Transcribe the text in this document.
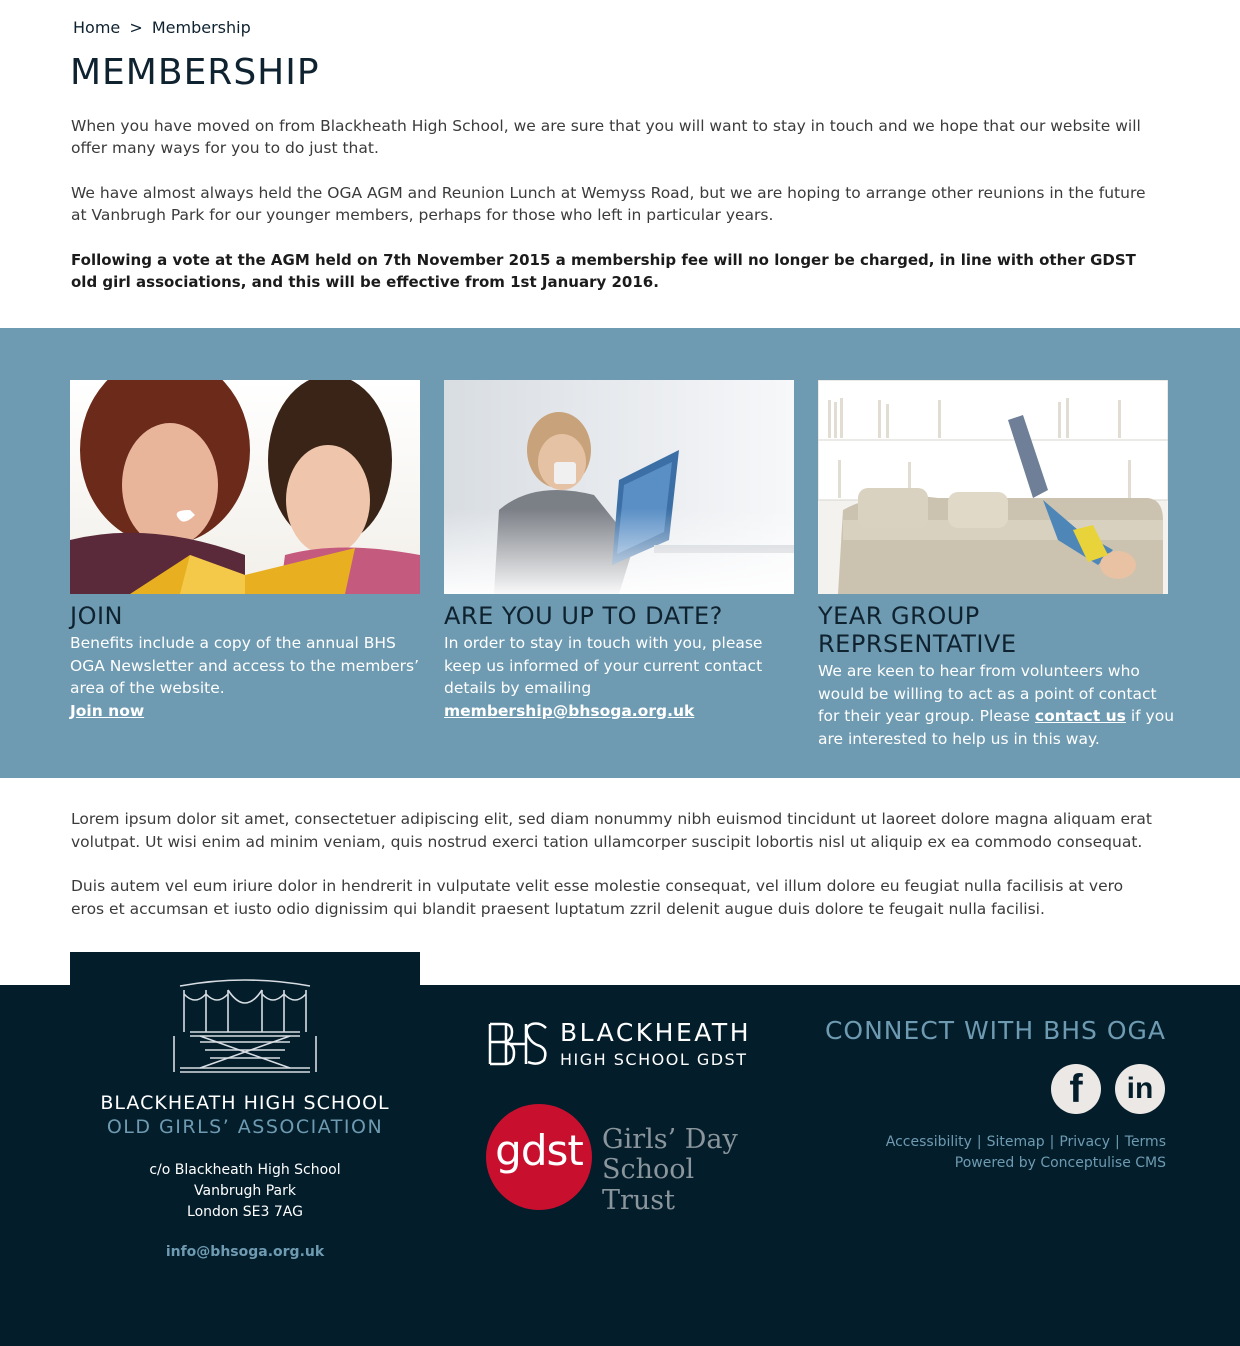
Home > Membership
MEMBERSHIP

When you have moved on from Blackheath High School, we are sure that you will want to stay in touch and we hope that our website will offer many ways for you to do just that.

We have almost always held the OGA AGM and Reunion Lunch at Wemyss Road, but we are hoping to arrange other reunions in the future at Vanbrugh Park for our younger members, perhaps for those who left in particular years.

Following a vote at the AGM held on 7th November 2015 a membership fee will no longer be charged, in line with other GDST old girl associations, and this will be effective from 1st January 2016.

JOIN
Benefits include a copy of the annual BHS OGA Newsletter and access to the members’ area of the website.
Join now
ARE YOU UP TO DATE?
In order to stay in touch with you, please keep us informed of your current contact details by emailing
membership@bhsoga.org.uk
YEAR GROUP REPRSENTATIVE
We are keen to hear from volunteers who would be willing to act as a point of contact for their year group. Please contact us if you are interested to help us in this way.

Lorem ipsum dolor sit amet, consectetuer adipiscing elit, sed diam nonummy nibh euismod tincidunt ut laoreet dolore magna aliquam erat volutpat. Ut wisi enim ad minim veniam, quis nostrud exerci tation ullamcorper suscipit lobortis nisl ut aliquip ex ea commodo consequat.

Duis autem vel eum iriure dolor in hendrerit in vulputate velit esse molestie consequat, vel illum dolore eu feugiat nulla facilisis at vero eros et accumsan et iusto odio dignissim qui blandit praesent luptatum zzril delenit augue duis dolore te feugait nulla facilisi.

BLACKHEATH HIGH SCHOOL
OLD GIRLS’ ASSOCIATION
c/o Blackheath High School
Vanbrugh Park
London SE3 7AG
info@bhsoga.org.uk
BLACKHEATH
HIGH SCHOOL GDST
gdst Girls’ Day
School Trust
CONNECT WITH BHS OGA
f	in
Accessibility | Sitemap | Privacy | Terms
Powered by Conceptulise CMS
